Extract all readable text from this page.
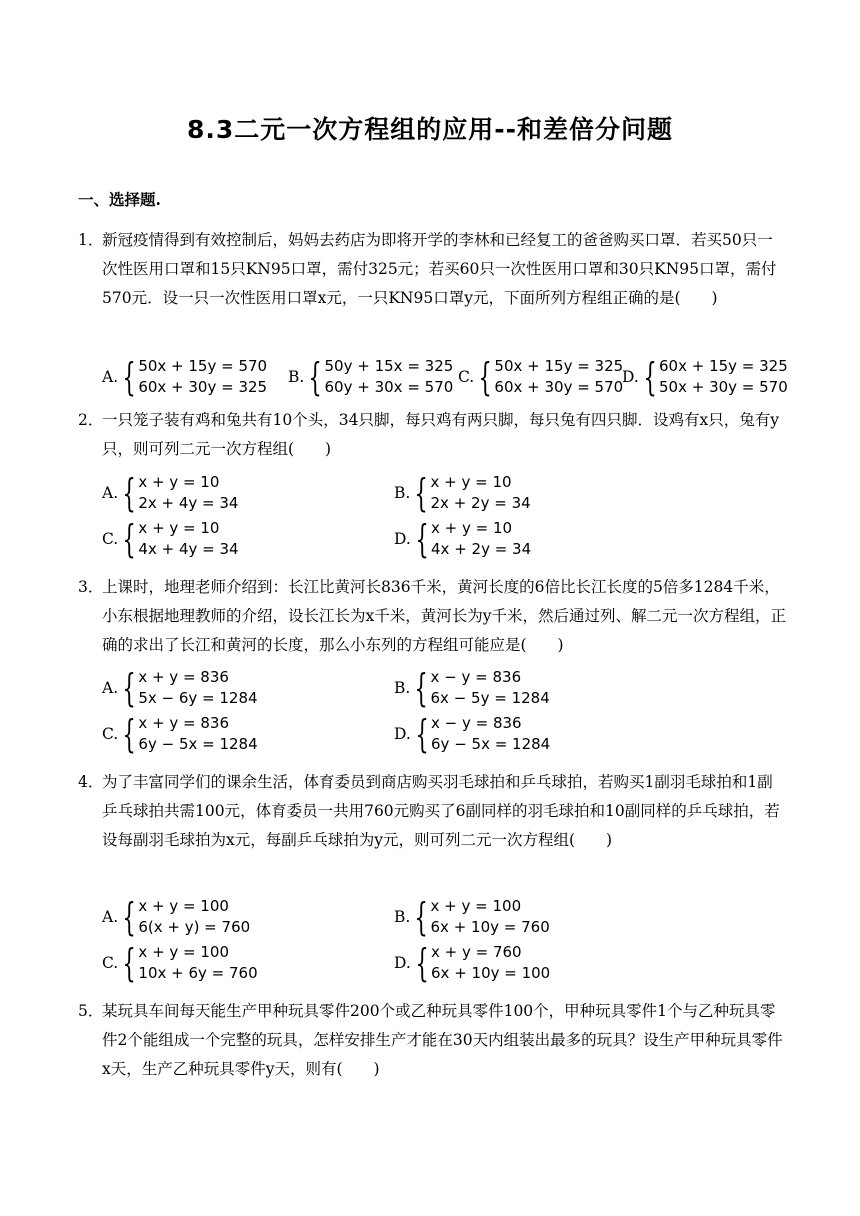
8.3二元一次方程组的应用--和差倍分问题
一、选择题.
1．
新冠疫情得到有效控制后，妈妈去药店为即将开学的李林和已经复工的爸爸购买口罩．若买50只一次性医用口罩和15只KN95口罩，需付325元；若买60只一次性医用口罩和30只KN95口罩，需付570元．设一只一次性医用口罩x元，一只KN95口罩y元，下面所列方程组正确的是(　　)
A. { 50x + 15y = 570
60x + 30y = 325
B. { 50y + 15x = 325
60y + 30x = 570
C. { 50x + 15y = 325
60x + 30y = 570
D. { 60x + 15y = 325
50x + 30y = 570
2．
一只笼子装有鸡和兔共有10个头，34只脚，每只鸡有两只脚，每只兔有四只脚．设鸡有x只，兔有y只，则可列二元一次方程组(　　)
A. { x + y = 10
2x + 4y = 34
B. { x + y = 10
2x + 2y = 34
C. { x + y = 10
4x + 4y = 34
D. { x + y = 10
4x + 2y = 34
3．
上课时，地理老师介绍到：长江比黄河长836千米，黄河长度的6倍比长江长度的5倍多1284千米，小东根据地理教师的介绍，设长江长为x千米，黄河长为y千米，然后通过列、解二元一次方程组，正确的求出了长江和黄河的长度，那么小东列的方程组可能应是(　　)
A. { x + y = 836
5x − 6y = 1284
B. { x − y = 836
6x − 5y = 1284
C. { x + y = 836
6y − 5x = 1284
D. { x − y = 836
6y − 5x = 1284
4．
为了丰富同学们的课余生活，体育委员到商店购买羽毛球拍和乒乓球拍，若购买1副羽毛球拍和1副乒乓球拍共需100元，体育委员一共用760元购买了6副同样的羽毛球拍和10副同样的乒乓球拍，若设每副羽毛球拍为x元，每副乒乓球拍为y元，则可列二元一次方程组(　　)
A. { x + y = 100
6(x + y) = 760
B. { x + y = 100
6x + 10y = 760
C. { x + y = 100
10x + 6y = 760
D. { x + y = 760
6x + 10y = 100
5．
某玩具车间每天能生产甲种玩具零件200个或乙种玩具零件100个，甲种玩具零件1个与乙种玩具零件2个能组成一个完整的玩具，怎样安排生产才能在30天内组装出最多的玩具？设生产甲种玩具零件x天，生产乙种玩具零件y天，则有(　　)
